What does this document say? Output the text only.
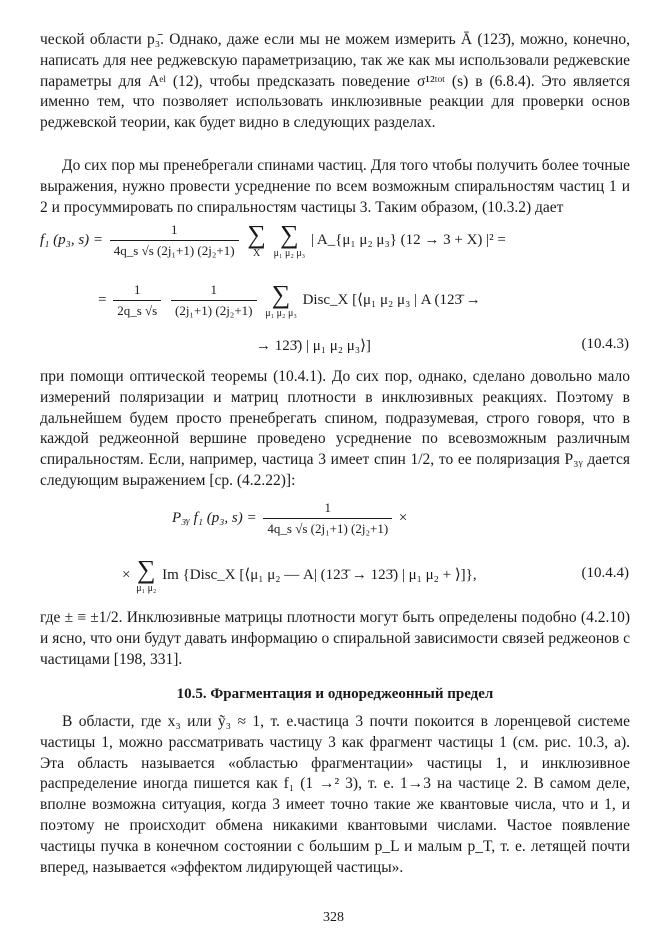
ческой области p₃̄. Однако, даже если мы не можем измерить Ā (123̄), можно, конечно, написать для нее реджевскую параметризацию, так же как мы использовали реджевские параметры для Aᵉˡ (12), чтобы предсказать поведение σ¹²ᵗᵒᵗ (s) в (6.8.4). Это является именно тем, что позволяет использовать инклюзивные реакции для проверки основ реджевской теории, как будет видно в следующих разделах.

До сих пор мы пренебрегали спинами частиц. Для того чтобы получить более точные выражения, нужно провести усреднение по всем возможным спиральностям частиц 1 и 2 и просуммировать по спиральностям частицы 3. Таким образом, (10.3.2) дает

f₁ (p₃, $s) = \frac{1}{\text{4q\_s √s (2j₁+1) (2j₂+1)}}$
∑
X

∑
μ₁ μ₂ μ₃
| A_{μ₁ μ₂ μ₃} (12 → 3 + X) |² =
= $\frac{1}{2q\_s √s}$
$\frac{1}{\text{(2j₁+1) (2j₂+1)}}$
∑
μ₁ μ₂ μ₃
Disc_X [⟨μ₁ μ₂ μ₃ | A (123̄ →
→ 123̄) | μ₁ μ₂ μ₃⟩]	(10.4.3)

при помощи оптической теоремы (10.4.1). До сих пор, однако, сделано довольно мало измерений поляризации и матриц плотности в инклюзивных реакциях. Поэтому в дальнейшем будем просто пренебрегать спином, подразумевая, строго говоря, что в каждой реджеонной вершине проведено усреднение по всевозможным различным спиральностям. Если, например, частица 3 имеет спин 1/2, то ее поляризация P₃ᵧ дается следующим выражением [ср. (4.2.22)]:

P₃ᵧ f₁ (p₃, $s) = \frac{1}{\text{4q\_s √s (2j₁+1) (2j₂+1)}}$ ×
× ∑
μ₁ μ₂
Im {Disc_X [⟨μ₁ μ₂ — A| (123̄ → 123̄) | μ₁ μ₂ + ⟩]},	(10.4.4)

где ± ≡ ±1/2. Инклюзивные матрицы плотности могут быть определены подобно (4.2.10) и ясно, что они будут давать информацию о спиральной зависимости связей реджеонов с частицами [198, 331].

10.5. Фрагментация и однореджеонный предел

В области, где x₃ или ỹ₃ ≈ 1, т. е.частица 3 почти покоится в лоренцевой системе частицы 1, можно рассматривать частицу 3 как фрагмент частицы 1 (см. рис. 10.3, а). Эта область называется «областью фрагментации» частицы 1, и инклюзивное распределение иногда пишется как f₁ (1 →² 3), т. е. 1→3 на частице 2. В самом деле, вполне возможна ситуация, когда 3 имеет точно такие же квантовые числа, что и 1, и поэтому не происходит обмена никакими квантовыми числами. Частое появление частицы пучка в конечном состоянии с большим p_L и малым p_T, т. е. летящей почти вперед, называется «эффектом лидирующей частицы».

328
